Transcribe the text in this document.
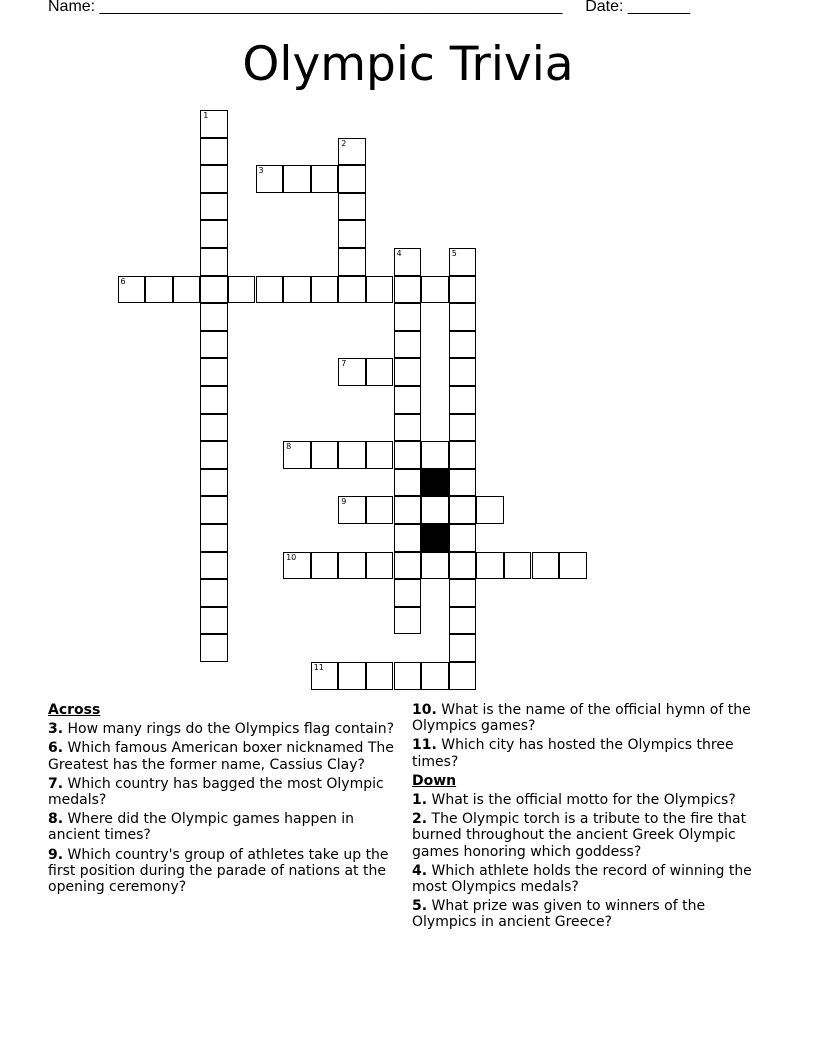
Name: ____________________________________________________ Date: _______
Olympic Trivia
1
2
3
4	5
6
7
8
9
10
11
Across
3. How many rings do the Olympics flag contain?
6. Which famous American boxer nicknamed The Greatest has the former name, Cassius Clay?
7. Which country has bagged the most Olympic medals?
8. Where did the Olympic games happen in ancient times?
9. Which country's group of athletes take up the first position during the parade of nations at the opening ceremony?
10. What is the name of the official hymn of the Olympics games?
11. Which city has hosted the Olympics three times?
Down
1. What is the official motto for the Olympics?
2. The Olympic torch is a tribute to the fire that burned throughout the ancient Greek Olympic games honoring which goddess?
4. Which athlete holds the record of winning the most Olympics medals?
5. What prize was given to winners of the Olympics in ancient Greece?
